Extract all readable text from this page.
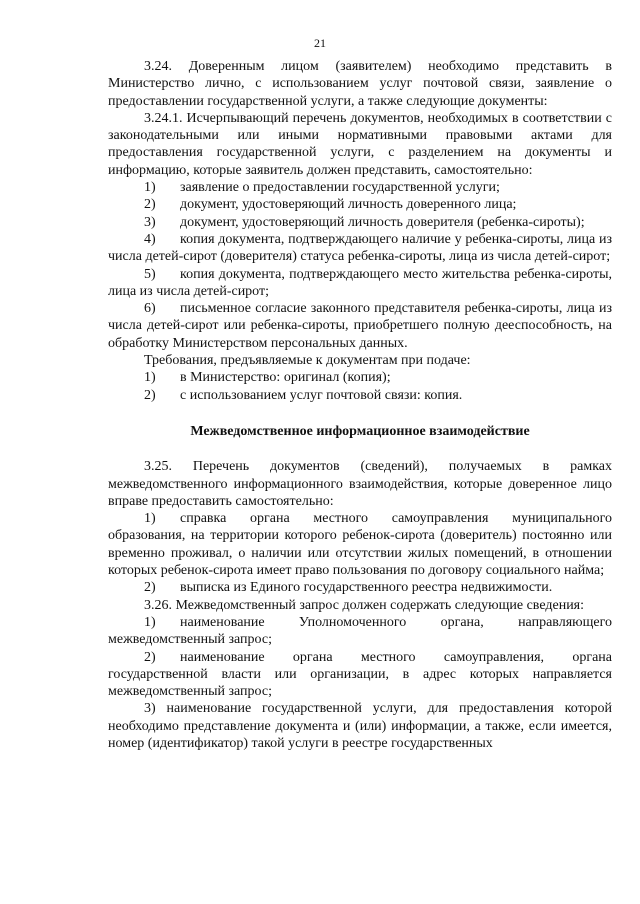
21

3.24. Доверенным лицом (заявителем) необходимо представить в Министерство лично, с использованием услуг почтовой связи, заявление о предоставлении государственной услуги, а также следующие документы:

3.24.1. Исчерпывающий перечень документов, необходимых в соответствии с законодательными или иными нормативными правовыми актами для предоставления государственной услуги, с разделением на документы и информацию, которые заявитель должен представить, самостоятельно:

1) заявление о предоставлении государственной услуги;

2) документ, удостоверяющий личность доверенного лица;

3) документ, удостоверяющий личность доверителя (ребенка-сироты);

4) копия документа, подтверждающего наличие у ребенка-сироты, лица из числа детей-сирот (доверителя) статуса ребенка-сироты, лица из числа детей-сирот;

5) копия документа, подтверждающего место жительства ребенка-сироты, лица из числа детей-сирот;

6) письменное согласие законного представителя ребенка-сироты, лица из числа детей-сирот или ребенка-сироты, приобретшего полную дееспособность, на обработку Министерством персональных данных.

Требования, предъявляемые к документам при подаче:

1) в Министерство: оригинал (копия);

2) с использованием услуг почтовой связи: копия.

Межведомственное информационное взаимодействие

3.25. Перечень документов (сведений), получаемых в рамках межведомственного информационного взаимодействия, которые доверенное лицо вправе предоставить самостоятельно:

1) справка органа местного самоуправления муниципального образования, на территории которого ребенок-сирота (доверитель) постоянно или временно проживал, о наличии или отсутствии жилых помещений, в отношении которых ребенок-сирота имеет право пользования по договору социального найма;

2) выписка из Единого государственного реестра недвижимости.

3.26. Межведомственный запрос должен содержать следующие сведения:

1) наименование Уполномоченного органа, направляющего межведомственный запрос;

2) наименование органа местного самоуправления, органа государственной власти или организации, в адрес которых направляется межведомственный запрос;

3) наименование государственной услуги, для предоставления которой необходимо представление документа и (или) информации, а также, если имеется, номер (идентификатор) такой услуги в реестре государственных
